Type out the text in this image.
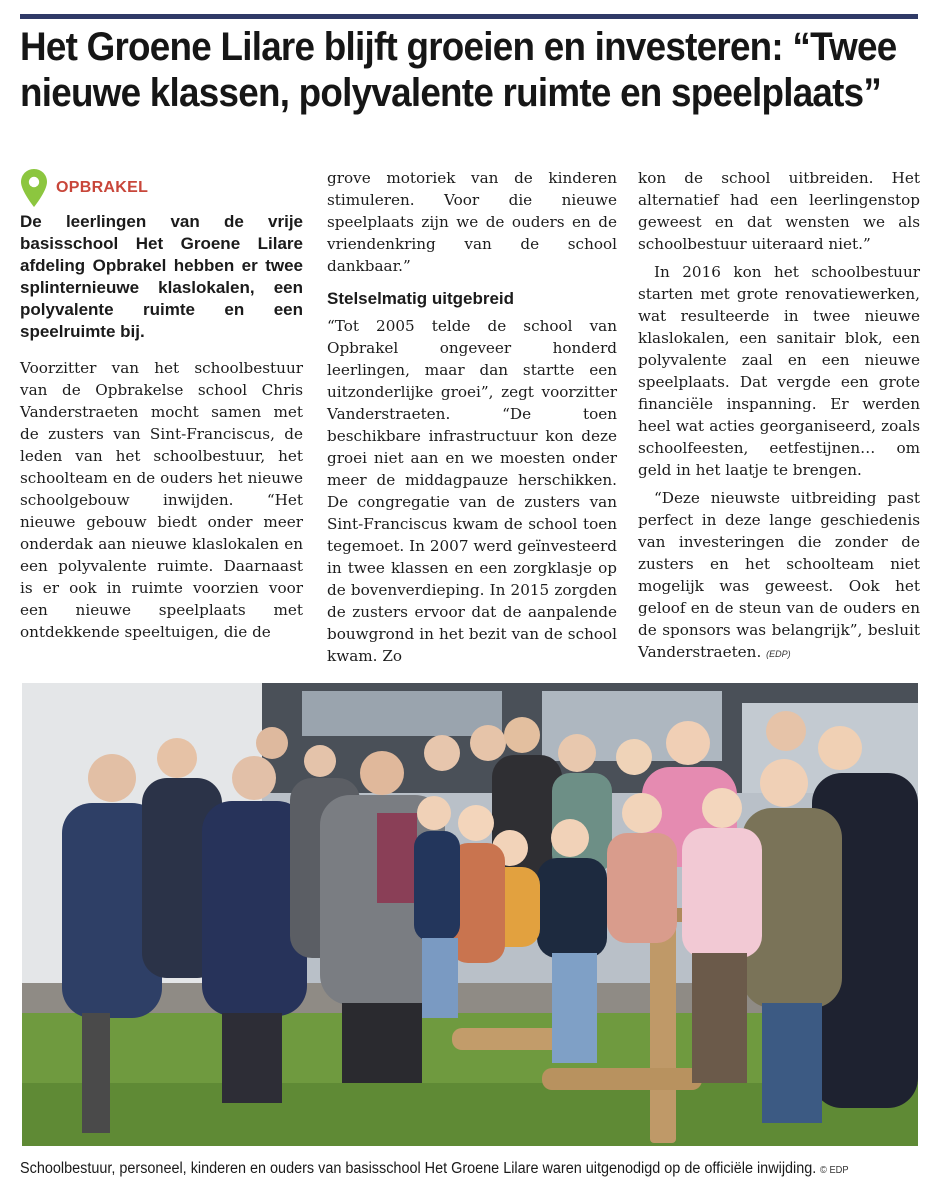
Het Groene Lilare blijft groeien en investeren: “Twee nieuwe klassen, polyvalente ruimte en speelplaats”
OPBRAKEL

De leerlingen van de vrije basisschool Het Groene Lilare afdeling Opbrakel hebben er twee splinternieuwe klaslokalen, een polyvalente ruimte en een speelruimte bij.

Voorzitter van het schoolbestuur van de Opbrakelse school Chris Vanderstraeten mocht samen met de zusters van Sint-Franciscus, de leden van het schoolbestuur, het schoolteam en de ouders het nieuwe schoolgebouw inwijden. “Het nieuwe gebouw biedt onder meer onderdak aan nieuwe klaslokalen en een polyvalente ruimte. Daarnaast is er ook in ruimte voorzien voor een nieuwe speelplaats met ontdekkende speeltuigen, die de

grove motoriek van de kinderen stimuleren. Voor die nieuwe speelplaats zijn we de ouders en de vriendenkring van de school dankbaar.”

Stelselmatig uitgebreid

“Tot 2005 telde de school van Opbrakel ongeveer honderd leerlingen, maar dan startte een uitzonderlijke groei”, zegt voorzitter Vanderstraeten. “De toen beschikbare infrastructuur kon deze groei niet aan en we moesten onder meer de middagpauze herschikken. De congregatie van de zusters van Sint-Franciscus kwam de school toen tegemoet. In 2007 werd geïnvesteerd in twee klassen en een zorgklasje op de bovenverdieping. In 2015 zorgden de zusters ervoor dat de aanpalende bouwgrond in het bezit van de school kwam. Zo

kon de school uitbreiden. Het alternatief had een leerlingenstop geweest en dat wensten we als schoolbestuur uiteraard niet.”

In 2016 kon het schoolbestuur starten met grote renovatiewerken, wat resulteerde in twee nieuwe klaslokalen, een sanitair blok, een polyvalente zaal en een nieuwe speelplaats. Dat vergde een grote financiële inspanning. Er werden heel wat acties georganiseerd, zoals schoolfeesten, eetfestijnen… om geld in het laatje te brengen.

“Deze nieuwste uitbreiding past perfect in deze lange geschiedenis van investeringen die zonder de zusters en het schoolteam niet mogelijk was geweest. Ook het geloof en de steun van de ouders en de sponsors was belangrijk”, besluit Vanderstraeten. (EDP)

Schoolbestuur, personeel, kinderen en ouders van basisschool Het Groene Lilare waren uitgenodigd op de officiële inwijding. © EDP
